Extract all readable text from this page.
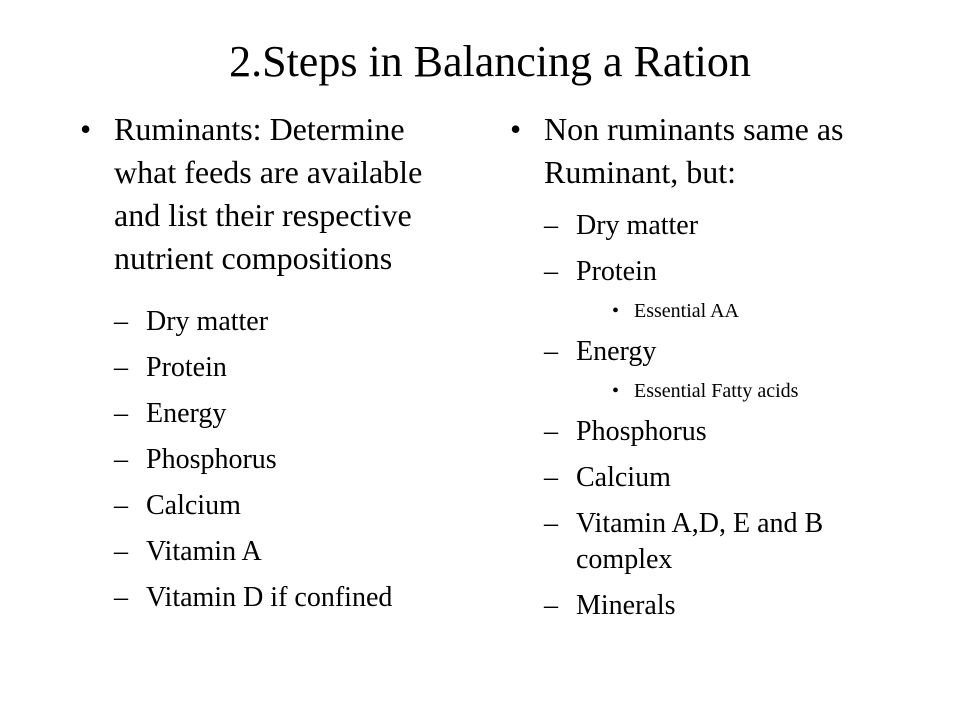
2.Steps in Balancing a Ration
• Ruminants: Determine what feeds are available and list their respective nutrient compositions
– Dry matter
– Protein
– Energy
– Phosphorus
– Calcium
– Vitamin A
– Vitamin D if confined
• Non ruminants same as Ruminant, but:
– Dry matter
– Protein
• Essential AA
– Energy
• Essential Fatty acids
– Phosphorus
– Calcium
– Vitamin A,D, E and B complex
– Minerals
